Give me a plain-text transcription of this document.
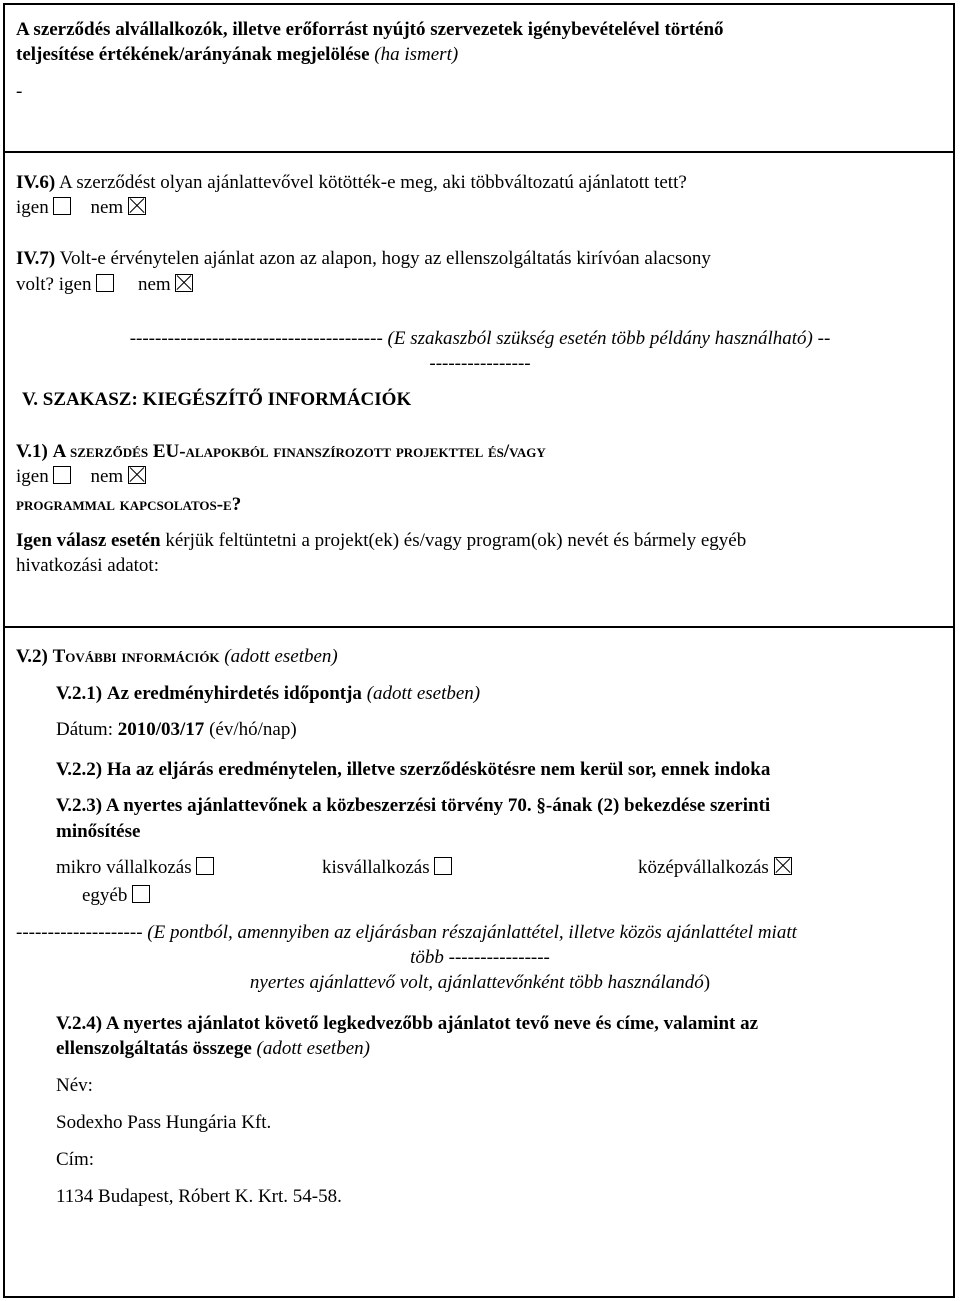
A szerződés alvállalkozók, illetve erőforrást nyújtó szervezetek igénybevételével történő
teljesítése értékének/arányának megjelölése (ha ismert)
-
IV.6) A szerződést olyan ajánlattevővel kötötték-e meg, aki többváltozatú ajánlatott tett?
igen nem
IV.7) Volt-e érvénytelen ajánlat azon az alapon, hogy az ellenszolgáltatás kirívóan alacsony
volt? igen nem
---------------------------------------- (E szakaszból szükség esetén több példány használható) --
----------------
V. SZAKASZ: KIEGÉSZÍTŐ INFORMÁCIÓK
V.1) A szerződés EU-alapokból finanszírozott projekttel és/vagy
igen nem
programmal kapcsolatos-e?
Igen válasz esetén kérjük feltüntetni a projekt(ek) és/vagy program(ok) nevét és bármely egyéb
hivatkozási adatot:
V.2) További információk (adott esetben)
V.2.1) Az eredményhirdetés időpontja (adott esetben)
Dátum: 2010/03/17 (év/hó/nap)
V.2.2) Ha az eljárás eredménytelen, illetve szerződéskötésre nem kerül sor, ennek indoka
V.2.3) A nyertes ajánlattevőnek a közbeszerzési törvény 70. §-ának (2) bekezdése szerinti
minősítése
mikro vállalkozás	kisvállalkozás	középvállalkozás
egyéb
-------------------- (E pontból, amennyiben az eljárásban részajánlattétel, illetve közös ajánlattétel miatt
több ----------------
nyertes ajánlattevő volt, ajánlattevőnként több használandó)
V.2.4) A nyertes ajánlatot követő legkedvezőbb ajánlatot tevő neve és címe, valamint az
ellenszolgáltatás összege (adott esetben)
Név:
Sodexho Pass Hungária Kft.
Cím:
1134 Budapest, Róbert K. Krt. 54-58.
